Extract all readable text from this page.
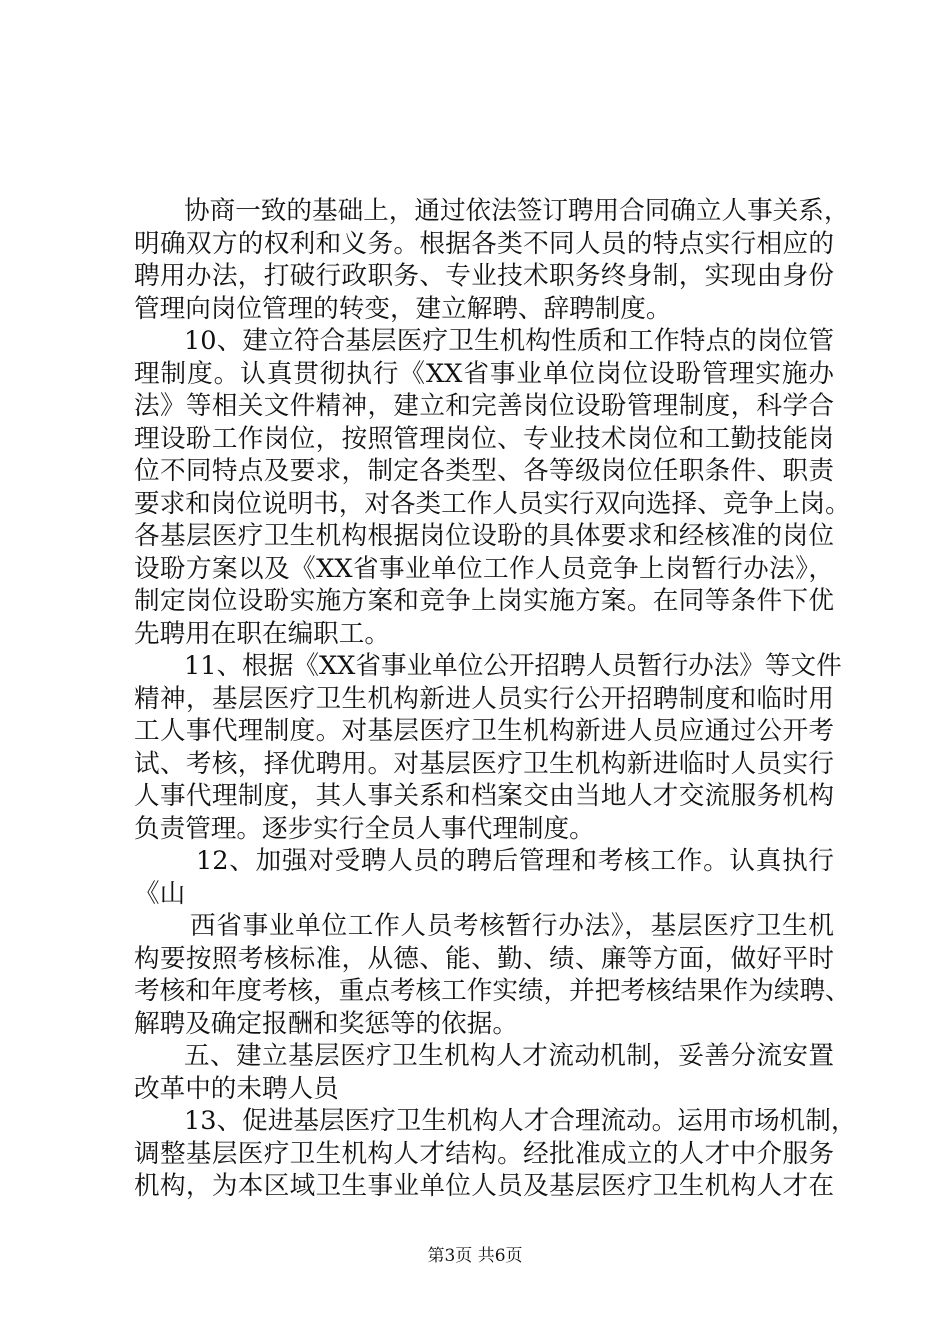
协商一致的基础上，通过依法签订聘用合同确立人事关系，
明确双方的权利和义务。根据各类不同人员的特点实行相应的
聘用办法，打破行政职务、专业技术职务终身制，实现由身份
管理向岗位管理的转变，建立解聘、辞聘制度。
10、建立符合基层医疗卫生机构性质和工作特点的岗位管
理制度。认真贯彻执行《XX省事业单位岗位设聁管理实施办
法》等相关文件精神，建立和完善岗位设聁管理制度，科学合
理设聁工作岗位，按照管理岗位、专业技术岗位和工勤技能岗
位不同特点及要求，制定各类型、各等级岗位任职条件、职责
要求和岗位说明书，对各类工作人员实行双向选择、竞争上岗。
各基层医疗卫生机构根据岗位设聁的具体要求和经核准的岗位
设聁方案以及《XX省事业单位工作人员竞争上岗暂行办法》，
制定岗位设聁实施方案和竞争上岗实施方案。在同等条件下优
先聘用在职在编职工。
11、根据《XX省事业单位公开招聘人员暂行办法》等文件
精神，基层医疗卫生机构新进人员实行公开招聘制度和临时用
工人事代理制度。对基层医疗卫生机构新进人员应通过公开考
试、考核，择优聘用。对基层医疗卫生机构新进临时人员实行
人事代理制度，其人事关系和档案交由当地人才交流服务机构
负责管理。逐步实行全员人事代理制度。
12、加强对受聘人员的聘后管理和考核工作。认真执行
《山
西省事业单位工作人员考核暂行办法》，基层医疗卫生机
构要按照考核标准，从德、能、勤、绩、廉等方面，做好平时
考核和年度考核，重点考核工作实绩，并把考核结果作为续聘、
解聘及确定报酬和奖惩等的依据。
五、建立基层医疗卫生机构人才流动机制，妥善分流安置
改革中的未聘人员
13、促进基层医疗卫生机构人才合理流动。运用市场机制，
调整基层医疗卫生机构人才结构。经批准成立的人才中介服务
机构，为本区域卫生事业单位人员及基层医疗卫生机构人才在
第3页 共6页
